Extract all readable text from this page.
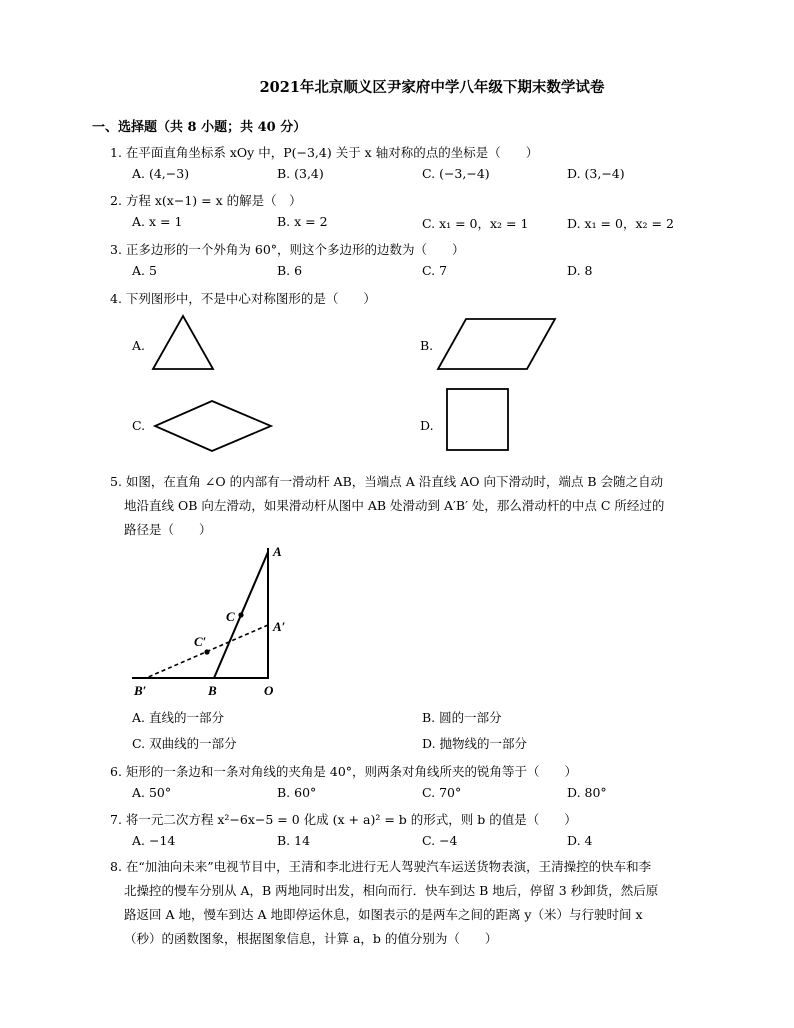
2021年北京顺义区尹家府中学八年级下期末数学试卷
一、选择题（共 8 小题；共 40 分）
1. 在平面直角坐标系 xOy 中，P(−3,4) 关于 x 轴对称的点的坐标是（　　）
A. (4,−3)	B. (3,4)	C. (−3,−4)	D. (3,−4)
2. 方程 x(x−1) = x 的解是（　）
A. x = 1	B. x = 2	C. x₁ = 0，x₂ = 1	D. x₁ = 0，x₂ = 2
3. 正多边形的一个外角为 60°，则这个多边形的边数为（　　）
A. 5	B. 6	C. 7	D. 8
4. 下列图形中，不是中心对称图形的是（　　）
A.	B.
C.	D.
5. 如图，在直角 ∠O 的内部有一滑动杆 AB，当端点 A 沿直线 AO 向下滑动时，端点 B 会随之自动
地沿直线 OB 向左滑动，如果滑动杆从图中 AB 处滑动到 A′B′ 处，那么滑动杆的中点 C 所经过的
路径是（　　）
A
A′
C
C′
B
B′	O
A. 直线的一部分	B. 圆的一部分
C. 双曲线的一部分	D. 抛物线的一部分
6. 矩形的一条边和一条对角线的夹角是 40°，则两条对角线所夹的锐角等于（　　）
A. 50°	B. 60°	C. 70°	D. 80°
7. 将一元二次方程 x²−6x−5 = 0 化成 (x + a)² = b 的形式，则 b 的值是（　　）
A. −14	B. 14	C. −4	D. 4
8. 在“加油向未来”电视节目中，王清和李北进行无人驾驶汽车运送货物表演，王清操控的快车和李
北操控的慢车分别从 A，B 两地同时出发，相向而行．快车到达 B 地后，停留 3 秒卸货，然后原
路返回 A 地，慢车到达 A 地即停运休息，如图表示的是两车之间的距离 y（米）与行驶时间 x
（秒）的函数图象，根据图象信息，计算 a，b 的值分别为（　　）
